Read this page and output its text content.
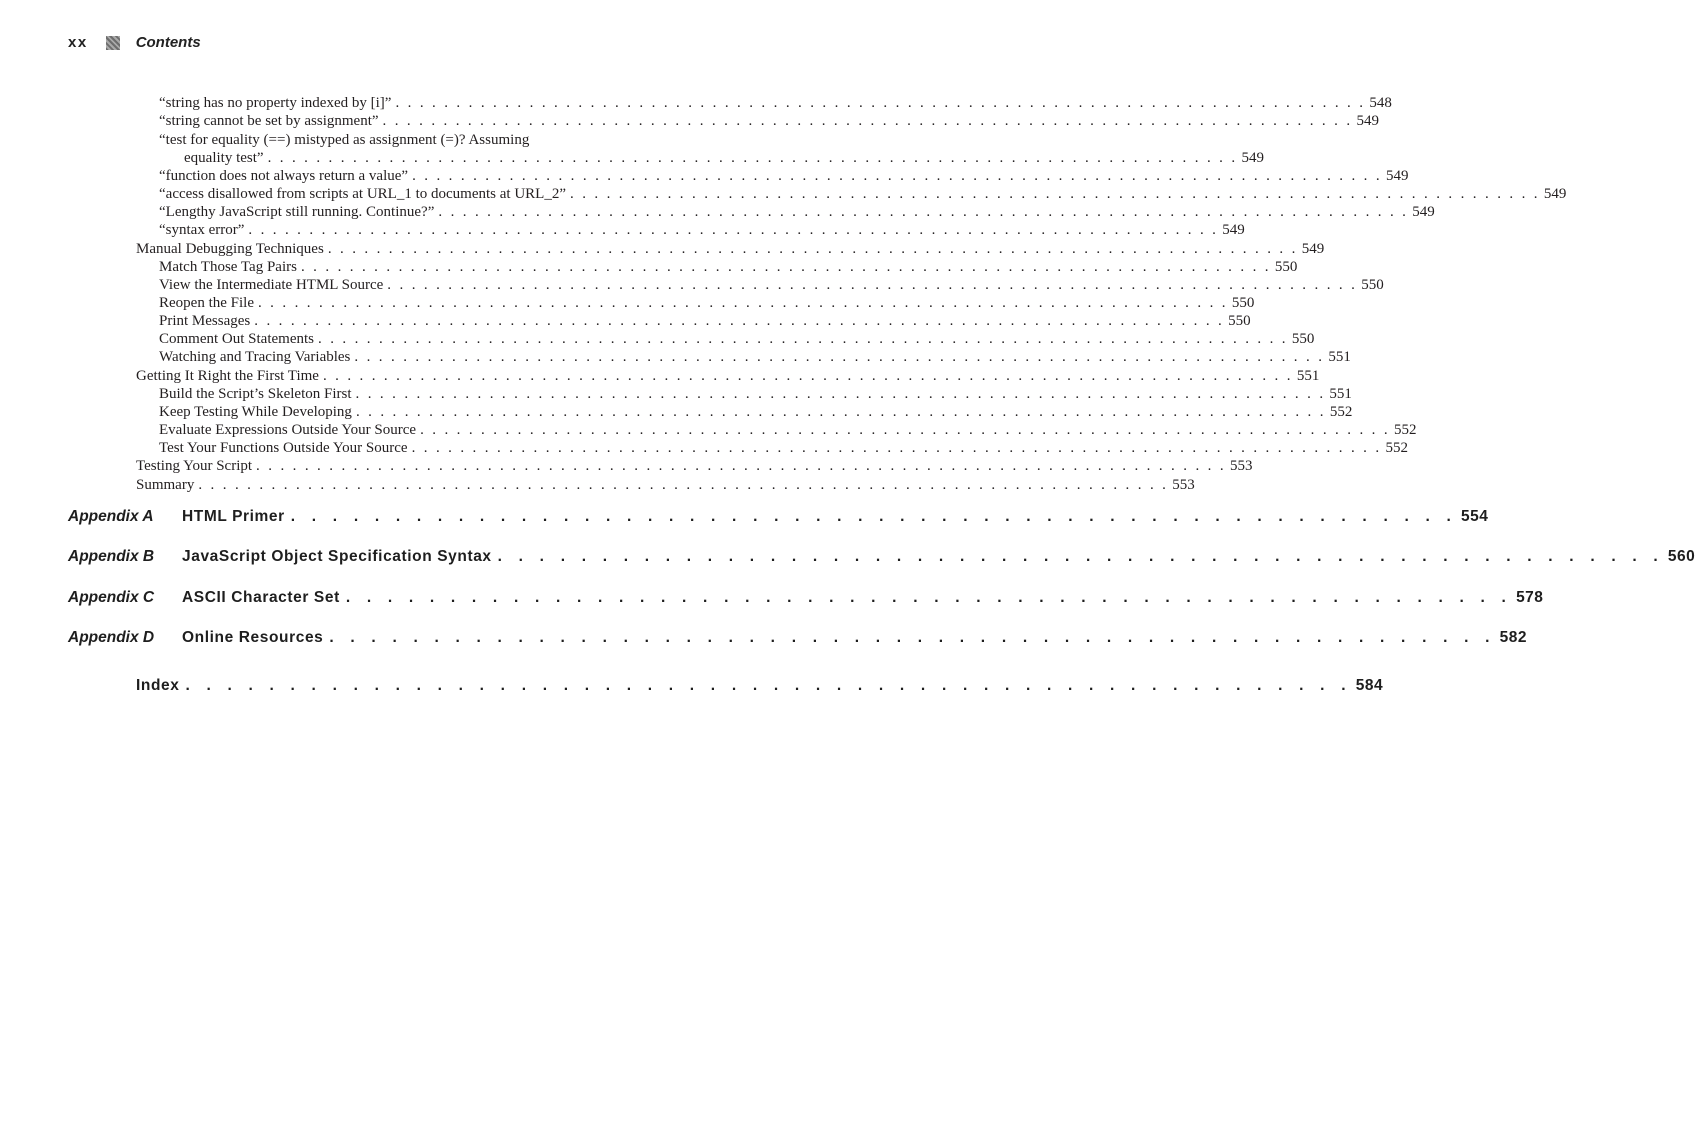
xx	Contents
“string has no property indexed by [i]” . . . . . . . . . . . . . . . . . . . . . . . . . . . . . . . . . . . . . . . . . . . . . . . . . . . . . . . . . . . . . . . . . . . . . . . . . . . . . . . . 548
“string cannot be set by assignment” . . . . . . . . . . . . . . . . . . . . . . . . . . . . . . . . . . . . . . . . . . . . . . . . . . . . . . . . . . . . . . . . . . . . . . . . . . . . . . . . 549
“test for equality (==) mistyped as assignment (=)? Assuming
equality test” . . . . . . . . . . . . . . . . . . . . . . . . . . . . . . . . . . . . . . . . . . . . . . . . . . . . . . . . . . . . . . . . . . . . . . . . . . . . . . . . 549
“function does not always return a value” . . . . . . . . . . . . . . . . . . . . . . . . . . . . . . . . . . . . . . . . . . . . . . . . . . . . . . . . . . . . . . . . . . . . . . . . . . . . . . . . 549
“access disallowed from scripts at URL_1 to documents at URL_2” . . . . . . . . . . . . . . . . . . . . . . . . . . . . . . . . . . . . . . . . . . . . . . . . . . . . . . . . . . . . . . . . . . . . . . . . . . . . . . . . 549
“Lengthy JavaScript still running. Continue?” . . . . . . . . . . . . . . . . . . . . . . . . . . . . . . . . . . . . . . . . . . . . . . . . . . . . . . . . . . . . . . . . . . . . . . . . . . . . . . . . 549
“syntax error” . . . . . . . . . . . . . . . . . . . . . . . . . . . . . . . . . . . . . . . . . . . . . . . . . . . . . . . . . . . . . . . . . . . . . . . . . . . . . . . . 549
Manual Debugging Techniques . . . . . . . . . . . . . . . . . . . . . . . . . . . . . . . . . . . . . . . . . . . . . . . . . . . . . . . . . . . . . . . . . . . . . . . . . . . . . . . . 549
Match Those Tag Pairs . . . . . . . . . . . . . . . . . . . . . . . . . . . . . . . . . . . . . . . . . . . . . . . . . . . . . . . . . . . . . . . . . . . . . . . . . . . . . . . . 550
View the Intermediate HTML Source . . . . . . . . . . . . . . . . . . . . . . . . . . . . . . . . . . . . . . . . . . . . . . . . . . . . . . . . . . . . . . . . . . . . . . . . . . . . . . . . 550
Reopen the File . . . . . . . . . . . . . . . . . . . . . . . . . . . . . . . . . . . . . . . . . . . . . . . . . . . . . . . . . . . . . . . . . . . . . . . . . . . . . . . . 550
Print Messages . . . . . . . . . . . . . . . . . . . . . . . . . . . . . . . . . . . . . . . . . . . . . . . . . . . . . . . . . . . . . . . . . . . . . . . . . . . . . . . . 550
Comment Out Statements . . . . . . . . . . . . . . . . . . . . . . . . . . . . . . . . . . . . . . . . . . . . . . . . . . . . . . . . . . . . . . . . . . . . . . . . . . . . . . . . 550
Watching and Tracing Variables . . . . . . . . . . . . . . . . . . . . . . . . . . . . . . . . . . . . . . . . . . . . . . . . . . . . . . . . . . . . . . . . . . . . . . . . . . . . . . . . 551
Getting It Right the First Time . . . . . . . . . . . . . . . . . . . . . . . . . . . . . . . . . . . . . . . . . . . . . . . . . . . . . . . . . . . . . . . . . . . . . . . . . . . . . . . . 551
Build the Script’s Skeleton First . . . . . . . . . . . . . . . . . . . . . . . . . . . . . . . . . . . . . . . . . . . . . . . . . . . . . . . . . . . . . . . . . . . . . . . . . . . . . . . . 551
Keep Testing While Developing . . . . . . . . . . . . . . . . . . . . . . . . . . . . . . . . . . . . . . . . . . . . . . . . . . . . . . . . . . . . . . . . . . . . . . . . . . . . . . . . 552
Evaluate Expressions Outside Your Source . . . . . . . . . . . . . . . . . . . . . . . . . . . . . . . . . . . . . . . . . . . . . . . . . . . . . . . . . . . . . . . . . . . . . . . . . . . . . . . . 552
Test Your Functions Outside Your Source . . . . . . . . . . . . . . . . . . . . . . . . . . . . . . . . . . . . . . . . . . . . . . . . . . . . . . . . . . . . . . . . . . . . . . . . . . . . . . . . 552
Testing Your Script . . . . . . . . . . . . . . . . . . . . . . . . . . . . . . . . . . . . . . . . . . . . . . . . . . . . . . . . . . . . . . . . . . . . . . . . . . . . . . . . 553
Summary . . . . . . . . . . . . . . . . . . . . . . . . . . . . . . . . . . . . . . . . . . . . . . . . . . . . . . . . . . . . . . . . . . . . . . . . . . . . . . . . 553
Appendix A	HTML Primer . . . . . . . . . . . . . . . . . . . . . . . . . . . . . . . . . . . . . . . . . . . . . . . . . . . . . . . . 554
Appendix B	JavaScript Object Specification Syntax . . . . . . . . . . . . . . . . . . . . . . . . . . . . . . . . . . . . . . . . . . . . . . . . . . . . . . . . 560
Appendix C	ASCII Character Set . . . . . . . . . . . . . . . . . . . . . . . . . . . . . . . . . . . . . . . . . . . . . . . . . . . . . . . . 578
Appendix D	Online Resources . . . . . . . . . . . . . . . . . . . . . . . . . . . . . . . . . . . . . . . . . . . . . . . . . . . . . . . . 582
Index . . . . . . . . . . . . . . . . . . . . . . . . . . . . . . . . . . . . . . . . . . . . . . . . . . . . . . . . 584
